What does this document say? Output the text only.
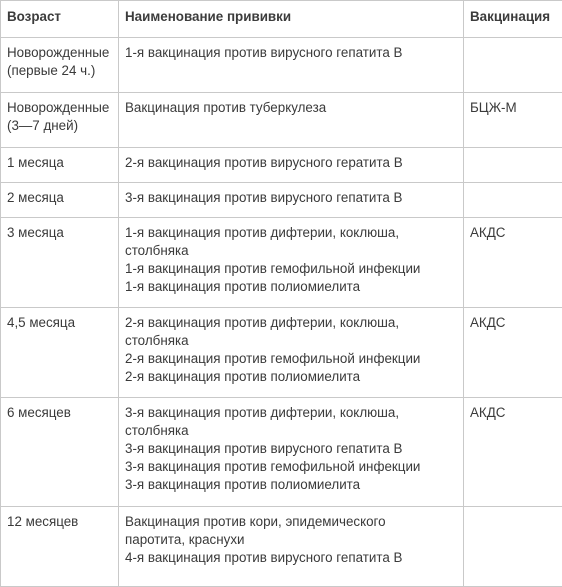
Возраст	Наименование прививки	Вакцинация

Новорожденные
(первые 24 ч.)	1-я вакцинация против вирусного гепатита В	

Новорожденные
(3—7 дней)	Вакцинация против туберкулеза	БЦЖ-М

1 месяца	2-я вакцинация против вирусного гератита В	

2 месяца	3-я вакцинация против вирусного гепатита В	

3 месяца	1-я вакцинация против дифтерии, коклюша,
столбняка
1-я вакцинация против гемофильной инфекции
1-я вакцинация против полиомиелита	АКДС

4,5 месяца	2-я вакцинация против дифтерии, коклюша,
столбняка
2-я вакцинация против гемофильной инфекции
2-я вакцинация против полиомиелита	АКДС

6 месяцев	3-я вакцинация против дифтерии, коклюша,
столбняка
3-я вакцинация против вирусного гепатита В
3-я вакцинация против гемофильной инфекции
3-я вакцинация против полиомиелита	АКДС

12 месяцев	Вакцинация против кори, эпидемического
паротита, краснухи
4-я вакцинация против вирусного гепатита В	
